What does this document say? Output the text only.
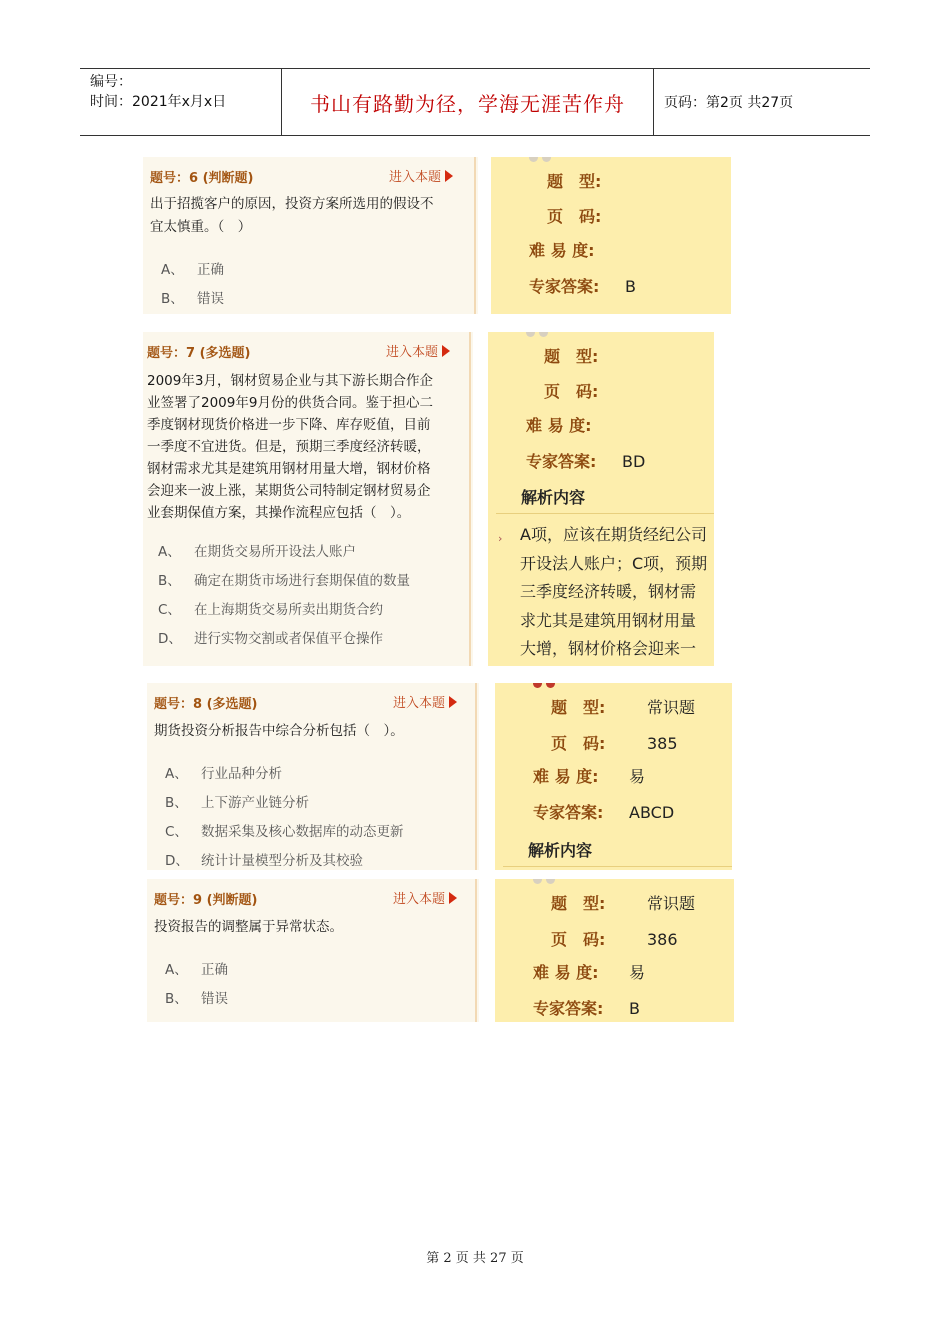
编号：
时间：2021年x月x日	书山有路勤为径，学海无涯苦作舟	页码：第2页 共27页
题号：6 (判断题)	进入本题
出于招揽客户的原因，投资方案所选用的假设不
宜太慎重。（　）
A、 正确
B、 错误
题　型:
页　码:
难 易 度:
专家答案: B
题号：7 (多选题)	进入本题
2009年3月，钢材贸易企业与其下游长期合作企
业签署了2009年9月份的供货合同。鉴于担心二
季度钢材现货价格进一步下降、库存贬值，目前
一季度不宜进货。但是，预期三季度经济转暖，
钢材需求尤其是建筑用钢材用量大增，钢材价格
会迎来一波上涨，某期货公司特制定钢材贸易企
业套期保值方案，其操作流程应包括（　）。
A、 在期货交易所开设法人账户
B、 确定在期货市场进行套期保值的数量
C、 在上海期货交易所卖出期货合约
D、 进行实物交割或者保值平仓操作
题　型:
页　码:
难 易 度:
专家答案: BD
解析内容
› A项，应该在期货经纪公司
开设法人账户；C项，预期
三季度经济转暖，钢材需
求尤其是建筑用钢材用量
大增，钢材价格会迎来一
题号：8 (多选题)	进入本题
期货投资分析报告中综合分析包括（　）。
A、 行业品种分析
B、 上下游产业链分析
C、 数据采集及核心数据库的动态更新
D、 统计计量模型分析及其校验
题　型:	常识题
页　码:	385
难 易 度: 易
专家答案: ABCD
解析内容
题号：9 (判断题)	进入本题
投资报告的调整属于异常状态。
A、 正确
B、 错误
题　型:	常识题
页　码:	386
难 易 度: 易
专家答案: B
第 2 页 共 27 页
